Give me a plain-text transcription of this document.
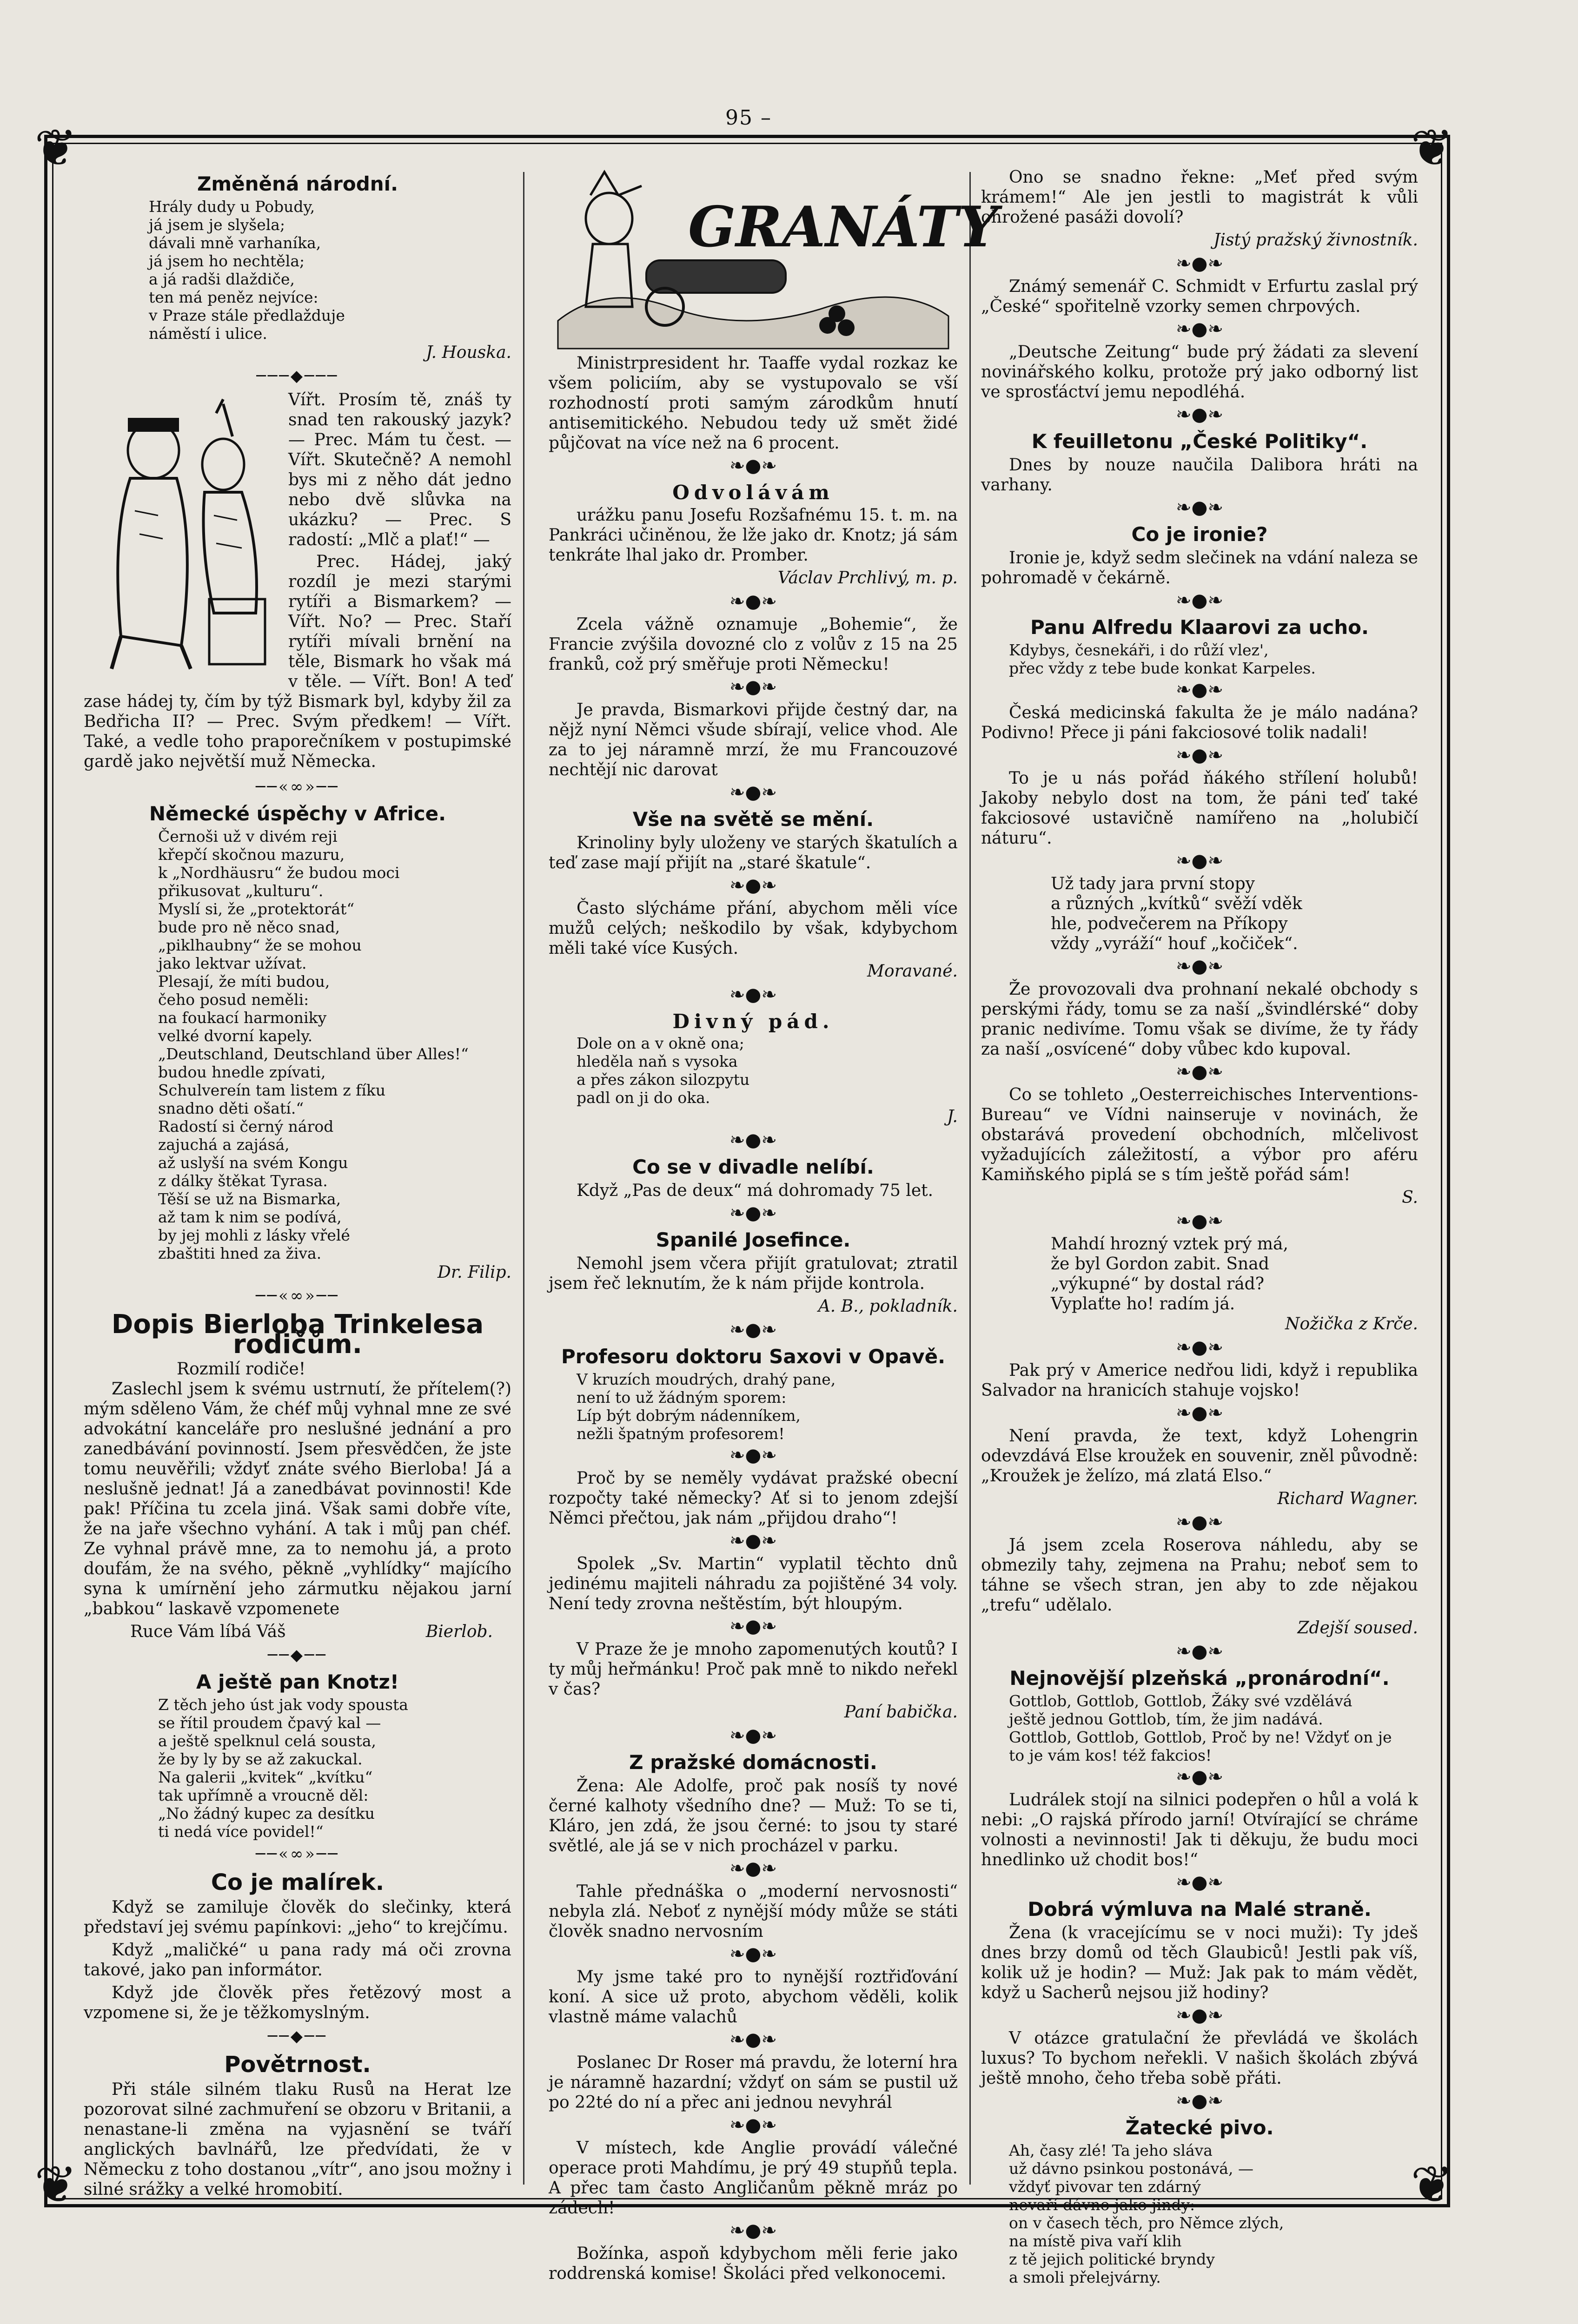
95 –
❦	❦
❦	❦
Změněná národní.
Hrály dudy u Pobudy,
já jsem je slyšela;
dávali mně varhaníka,
já jsem ho nechtěla;
a já radši dlaždiče,
ten má peněz nejvíce:
v Praze stále předlažduje
náměstí i ulice.
J. Houska.
───◆───
Vířt. Prosím tě, znáš ty snad ten rakouský jazyk? — Prec. Mám tu čest. — Vířt. Skutečně? A nemohl bys mi z něho dát jedno nebo dvě slůvka na ukázku? — Prec. S radostí: „Mlč a plať!“ —
Prec. Hádej, jaký rozdíl je mezi starými rytíři a Bismarkem? — Vířt. No? — Prec. Staří rytíři mívali brnění na těle, Bismark ho však má v těle. — Vířt. Bon! A teď zase hádej ty, čím by týž Bismark byl, kdyby žil za Bedřicha II? — Prec. Svým předkem! — Vířt. Také, a vedle toho praporečníkem v postupimské gardě jako největší muž Německa.
──«∞»──
Německé úspěchy v Africe.
Černoši už v divém reji
křepčí skočnou mazuru,
k „Nordhäusru“ že budou moci
přikusovat „kulturu“.
Myslí si, že „protektorát“
bude pro ně něco snad,
„piklhaubny“ že se mohou
jako lektvar užívat.
Plesají, že míti budou,
čeho posud neměli:
na foukací harmoniky
velké dvorní kapely.
„Deutschland, Deutschland über Alles!“
budou hnedle zpívati,
Schulvereín tam listem z fíku
snadno děti ošatí.“
Radostí si černý národ
zajuchá a zajásá,
až uslyší na svém Kongu
z dálky štěkat Tyrasa.
Těší se už na Bismarka,
až tam k nim se podívá,
by jej mohli z lásky vřelé
zbaštiti hned za živa.
Dr. Filip.
──«∞»──
Dopis Bierloba Trinkelesa rodičům.
Rozmilí rodiče!
Zaslechl jsem k svému ustrnutí, že přítelem(?) mým sděleno Vám, že chéf můj vyhnal mne ze své advokátní kanceláře pro neslušné jednání a pro zanedbávání povinností. Jsem přesvědčen, že jste tomu neuvěřili; vždyť znáte svého Bierloba! Já a neslušně jednat! Já a zanedbávat povinnosti! Kde pak! Příčina tu zcela jiná. Však sami dobře víte, že na jaře všechno vyhání. A tak i můj pan chéf. Ze vyhnal právě mne, za to nemohu já, a proto doufám, že na svého, pěkně „vyhlídky“ majícího syna k umírnění jeho zármutku nějakou jarní „babkou“ laskavě vzpomenete
Ruce Vám líbá Váš	Bierlob.
──◆──
A ještě pan Knotz!
Z těch jeho úst jak vody spousta
se řítil proudem čpavý kal —
a ještě spelknul celá sousta,
že by ly by se až zakuckal.
Na galerii „kvitek“ „kvítku“
tak upřímně a vroucně děl:
„No žádný kupec za desítku
ti nedá více povidel!“
──«∞»──
Co je malírek.
Když se zamiluje člověk do slečinky, která představí jej svému papínkovi: „jeho“ to krejčímu.
Když „maličké“ u pana rady má oči zrovna takové, jako pan informátor.
Když jde člověk přes řetězový most a vzpomene si, že je těžkomyslným.
──◆──
Povětrnost.
Při stále silném tlaku Rusů na Herat lze pozorovat silné zachmuření se obzoru v Britanii, a nenastane-li změna na vyjasnění se tváří anglických bavlnářů, lze předvídati, že v Německu z toho dostanou „vítr“, ano jsou možny i silné srážky a velké hromobití.
GRANÁTY
Ministrpresident hr. Taaffe vydal rozkaz ke všem policiím, aby se vystupovalo se vší rozhodností proti samým zárodkům hnutí antisemitického. Nebudou tedy už smět židé půjčovat na více než na 6 procent.
❧●❧
Odvolávám
urážku panu Josefu Rozšafnému 15. t. m. na Pankráci učiněnou, že lže jako dr. Knotz; já sám tenkráte lhal jako dr. Promber.
Václav Prchlivý, m. p.
❧●❧
Zcela vážně oznamuje „Bohemie“, že Francie zvýšila dovozné clo z volův z 15 na 25 franků, což prý směřuje proti Německu!
❧●❧
Je pravda, Bismarkovi přijde čestný dar, na nějž nyní Němci všude sbírají, velice vhod. Ale za to jej náramně mrzí, že mu Francouzové nechtějí nic darovat
❧●❧
Vše na světě se mění.
Krinoliny byly uloženy ve starých škatulích a teď zase mají přijít na „staré škatule“.
❧●❧
Často slýcháme přání, abychom měli více mužů celých; neškodilo by však, kdybychom měli také více Kusých.
Moravané.
❧●❧
Divný pád.
Dole on a v okně ona;
hleděla naň s vysoka
a přes zákon silozpytu
padl on ji do oka.
J.
❧●❧
Co se v divadle nelíbí.
Když „Pas de deux“ má dohromady 75 let.
❧●❧
Spanilé Josefince.
Nemohl jsem včera přijít gratulovat; ztratil jsem řeč leknutím, že k nám přijde kontrola.
A. B., pokladník.
❧●❧
Profesoru doktoru Saxovi v Opavě.
V kruzích moudrých, drahý pane,
není to už žádným sporem:
Líp být dobrým nádenníkem,
nežli špatným profesorem!
❧●❧
Proč by se neměly vydávat pražské obecní rozpočty také německy? Ať si to jenom zdejší Němci přečtou, jak nám „přijdou draho“!
❧●❧
Spolek „Sv. Martin“ vyplatil těchto dnů jedinému majiteli náhradu za pojištěné 34 voly. Není tedy zrovna neštěstím, být hloupým.
❧●❧
V Praze že je mnoho zapomenutých koutů? I ty můj heřmánku! Proč pak mně to nikdo neřekl v čas?
Paní babička.
❧●❧
Z pražské domácnosti.
Žena: Ale Adolfe, proč pak nosíš ty nové černé kalhoty všedního dne? — Muž: To se ti, Kláro, jen zdá, že jsou černé: to jsou ty staré světlé, ale já se v nich procházel v parku.
❧●❧
Tahle přednáška o „moderní nervosnosti“ nebyla zlá. Neboť z nynější módy může se státi člověk snadno nervosním
❧●❧
My jsme také pro to nynější roztřiďování koní. A sice už proto, abychom věděli, kolik vlastně máme valachů
❧●❧
Poslanec Dr Roser má pravdu, že loterní hra je náramně hazardní; vždyť on sám se pustil už po 22té do ní a přec ani jednou nevyhrál
❧●❧
V místech, kde Anglie provádí válečné operace proti Mahdímu, je prý 49 stupňů tepla. A přec tam často Angličanům pěkně mráz po zádech!
❧●❧
Božínka, aspoň kdybychom měli ferie jako roddrenská komise! Školáci před velkonocemi.
Ono se snadno řekne: „Meť před svým krámem!“ Ale jen jestli to magistrát k vůli ohrožené pasáži dovolí?
Jistý pražský živnostník.
❧●❧
Známý semenář C. Schmidt v Erfurtu zaslal prý „České“ spořitelně vzorky semen chrpových.
❧●❧
„Deutsche Zeitung“ bude prý žádati za slevení novinářského kolku, protože prý jako odborný list ve sprosťáctví jemu nepodléhá.
❧●❧
K feuilletonu „České Politiky“.
Dnes by nouze naučila Dalibora hráti na varhany.
❧●❧
Co je ironie?
Ironie je, když sedm slečinek na vdání naleza se pohromadě v čekárně.
❧●❧
Panu Alfredu Klaarovi za ucho.
Kdybys, česnekáři, i do růží vlez',
přec vždy z tebe bude konkat Karpeles.
❧●❧
Česká medicinská fakulta že je málo nadána? Podivno! Přece ji páni fakciosové tolik nadali!
❧●❧
To je u nás pořád ňákého střílení holubů! Jakoby nebylo dost na tom, že páni teď také fakciosové ustavičně namířeno na „holubičí náturu“.
❧●❧
Už tady jara první stopy
a různých „kvítků“ svěží vděk
hle, podvečerem na Příkopy
vždy „vyráží“ houf „kočiček“.
❧●❧
Že provozovali dva prohnaní nekalé obchody s perskými řády, tomu se za naší „švindlérské“ doby pranic nedivíme. Tomu však se divíme, že ty řády za naší „osvícené“ doby vůbec kdo kupoval.
❧●❧
Co se tohleto „Oesterreichisches Interventions-Bureau“ ve Vídni nainseruje v novinách, že obstarává provedení obchodních, mlčelivost vyžadujících záležitostí, a výbor pro aféru Kamiňského piplá se s tím ještě pořád sám!
S.
❧●❧
Mahdí hrozný vztek prý má,
že byl Gordon zabit. Snad
„výkupné“ by dostal rád?
Vyplaťte ho! radím já.
Nožička z Krče.
❧●❧
Pak prý v Americe nedřou lidi, když i republika Salvador na hranicích stahuje vojsko!
❧●❧
Není pravda, že text, když Lohengrin odevzdává Else kroužek en souvenir, zněl původně: „Kroužek je želízo, má zlatá Elso.“
Richard Wagner.
❧●❧
Já jsem zcela Roserova náhledu, aby se obmezily tahy, zejmena na Prahu; neboť sem to táhne se všech stran, jen aby to zde nějakou „trefu“ udělalo.
Zdejší soused.
❧●❧
Nejnovější plzeňská „pronárodní“.
Gottlob, Gottlob, Gottlob, Žáky své vzdělává
ještě jednou Gottlob, tím, že jim nadává.
Gottlob, Gottlob, Gottlob, Proč by ne! Vždyť on je
to je vám kos! též fakcios!
❧●❧
Ludrálek stojí na silnici podepřen o hůl a volá k nebi: „O rajská přírodo jarní! Otvírající se chráme volnosti a nevinnosti! Jak ti děkuju, že budu moci hnedlinko už chodit bos!“
❧●❧
Dobrá výmluva na Malé straně.
Žena (k vracejícímu se v noci muži): Ty jdeš dnes brzy domů od těch Glaubiců! Jestli pak víš, kolik už je hodin? — Muž: Jak pak to mám vědět, když u Sacherů nejsou již hodiny?
❧●❧
V otázce gratulační že převládá ve školách luxus? To bychom neřekli. V našich školách zbývá ještě mnoho, čeho třeba sobě přáti.
❧●❧
Žatecké pivo.
Ah, časy zlé! Ta jeho sláva
už dávno psinkou postonává, —
vždyť pivovar ten zdárný
nevaří dávno jako jindy:
on v časech těch, pro Němce zlých,
na místě piva vaří klih
z tě jejich politické bryndy
a smoli přelejvárny.
